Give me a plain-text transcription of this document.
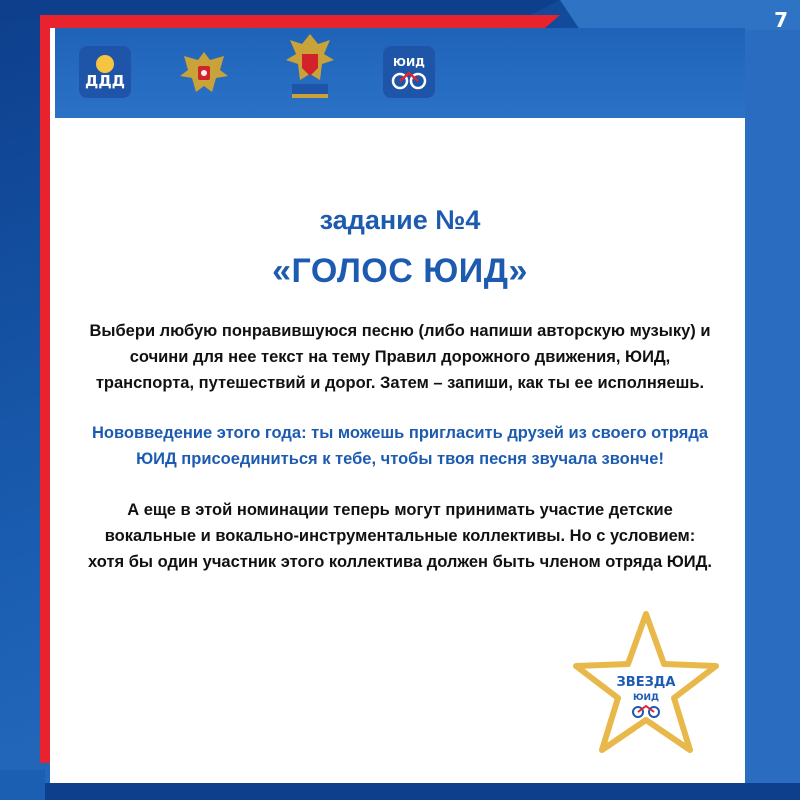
7
ДДД
ЮИД
задание №4
«ГОЛОС ЮИД»
Выбери любую понравившуюся песню (либо напиши авторскую музыку) и сочини для нее текст на тему Правил дорожного движения, ЮИД, транспорта, путешествий и дорог. Затем – запиши, как ты ее исполняешь.
Нововведение этого года: ты можешь пригласить друзей из своего отряда ЮИД присоединиться к тебе, чтобы твоя песня звучала звонче!
А еще в этой номинации теперь могут принимать участие детские вокальные и вокально-инструментальные коллективы. Но с условием: хотя бы один участник этого коллектива должен быть членом отряда ЮИД.
ЗВЕЗДА
ЮИД
